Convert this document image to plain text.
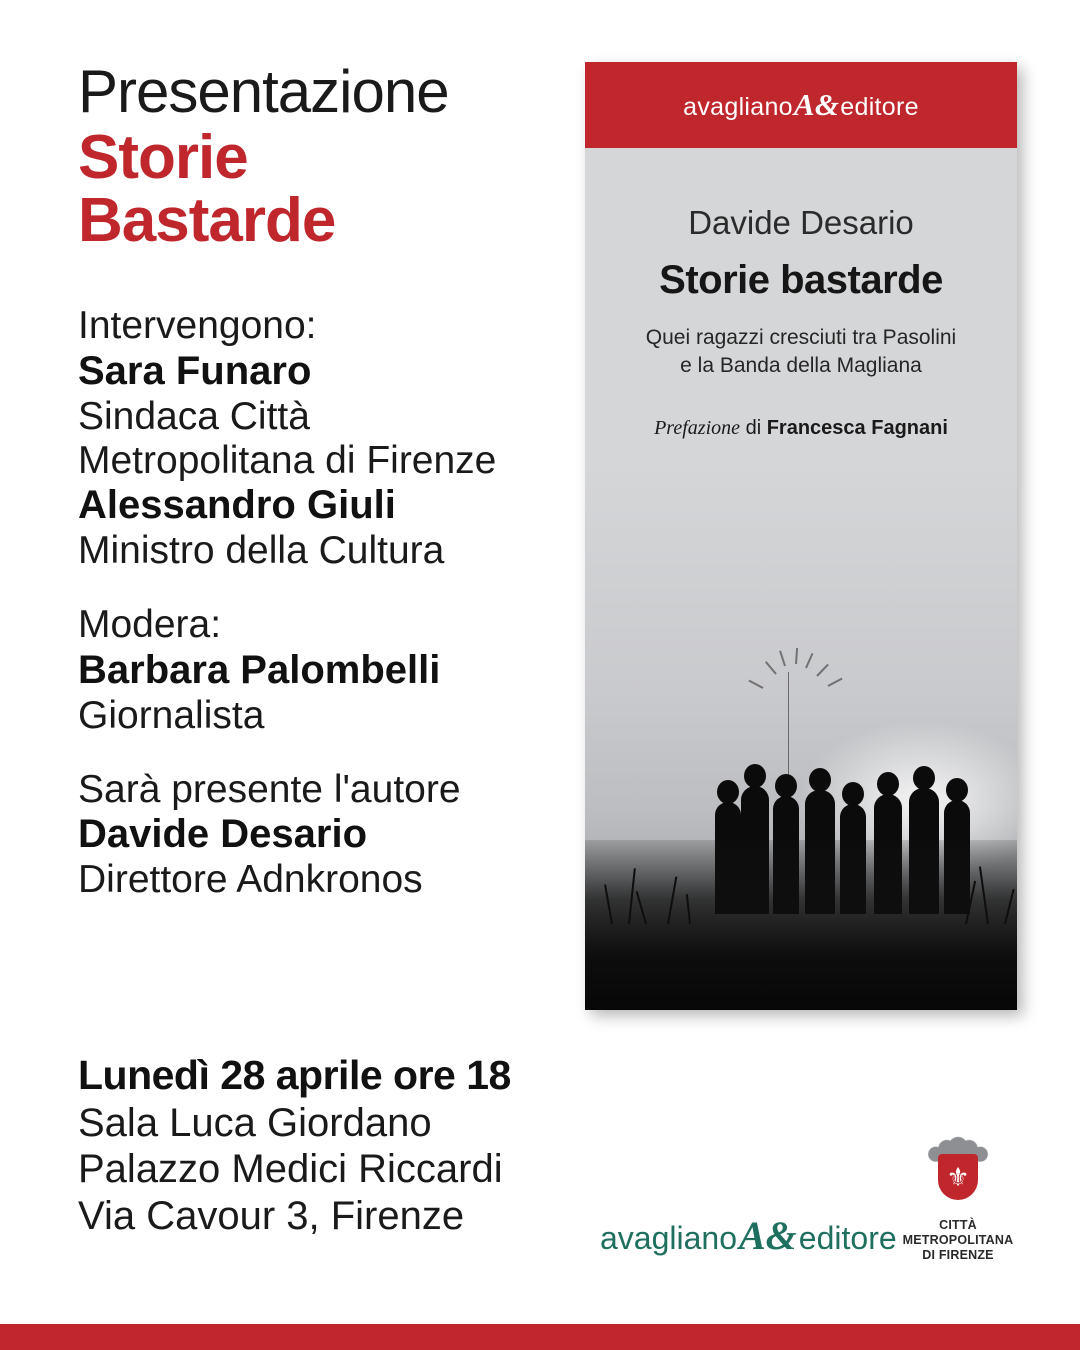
Presentazione
Storie
Bastarde
Intervengono:
Sara Funaro
Sindaca Città
Metropolitana di Firenze
Alessandro Giuli
Ministro della Cultura
Modera:
Barbara Palombelli
Giornalista
Sarà presente l'autore
Davide Desario
Direttore Adnkronos
Lunedì 28 aprile ore 18
Sala Luca Giordano
Palazzo Medici Riccardi
Via Cavour 3, Firenze
avagliano A& editore
Davide Desario
Storie bastarde
Quei ragazzi cresciuti tra Pasolini
e la Banda della Magliana
Prefazione di Francesca Fagnani
avagliano A& editore
⚜
CITTÀ METROPOLITANA
DI FIRENZE
